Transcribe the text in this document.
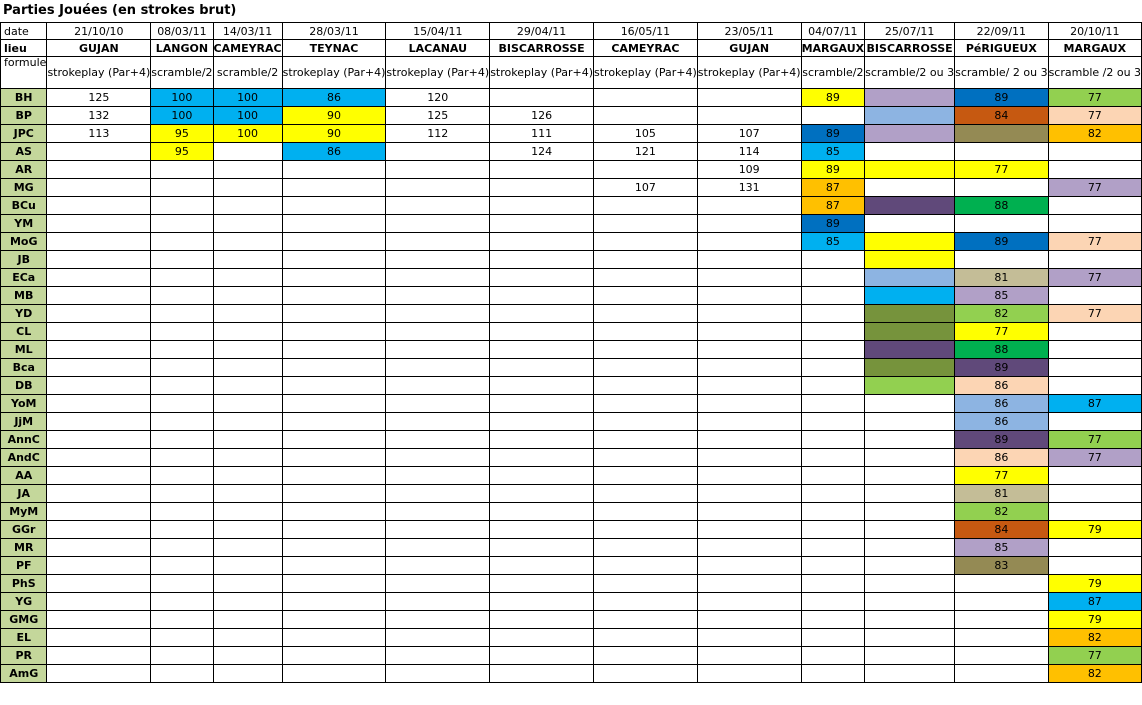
Parties Jouées (en strokes brut)
date	21/10/10	08/03/11	14/03/11	28/03/11	15/04/11	29/04/11	16/05/11	23/05/11	04/07/11	25/07/11	22/09/11	20/10/11
lieu	GUJAN	LANGON	CAMEYRAC	TEYNAC	LACANAU	BISCARROSSE	CAMEYRAC	GUJAN	MARGAUX	BISCARROSSE	PéRIGUEUX	MARGAUX
formule	strokeplay (Par+4)	scramble/2	scramble/2	strokeplay (Par+4)	strokeplay (Par+4)	strokeplay (Par+4)	strokeplay (Par+4)	strokeplay (Par+4)	scramble/2	scramble/2 ou 3	scramble/ 2 ou 3	scramble /2 ou 3
BH	125	100	100	86	120				89		89	77
BP	132	100	100	90	125	126					84	77
JPC	113	95	100	90	112	111	105	107	89			82
AS		95		86		124	121	114	85			
AR								109	89		77	
MG							107	131	87			77
BCu									87		88	
YM									89			
MoG									85		89	77
JB												
ECa											81	77
MB											85	
YD											82	77
CL											77	
ML											88	
Bca											89	
DB											86	
YoM											86	87
JjM											86	
AnnC											89	77
AndC											86	77
AA											77	
JA											81	
MyM											82	
GGr											84	79
MR											85	
PF											83	
PhS												79
YG												87
GMG												79
EL												82
PR												77
AmG												82
